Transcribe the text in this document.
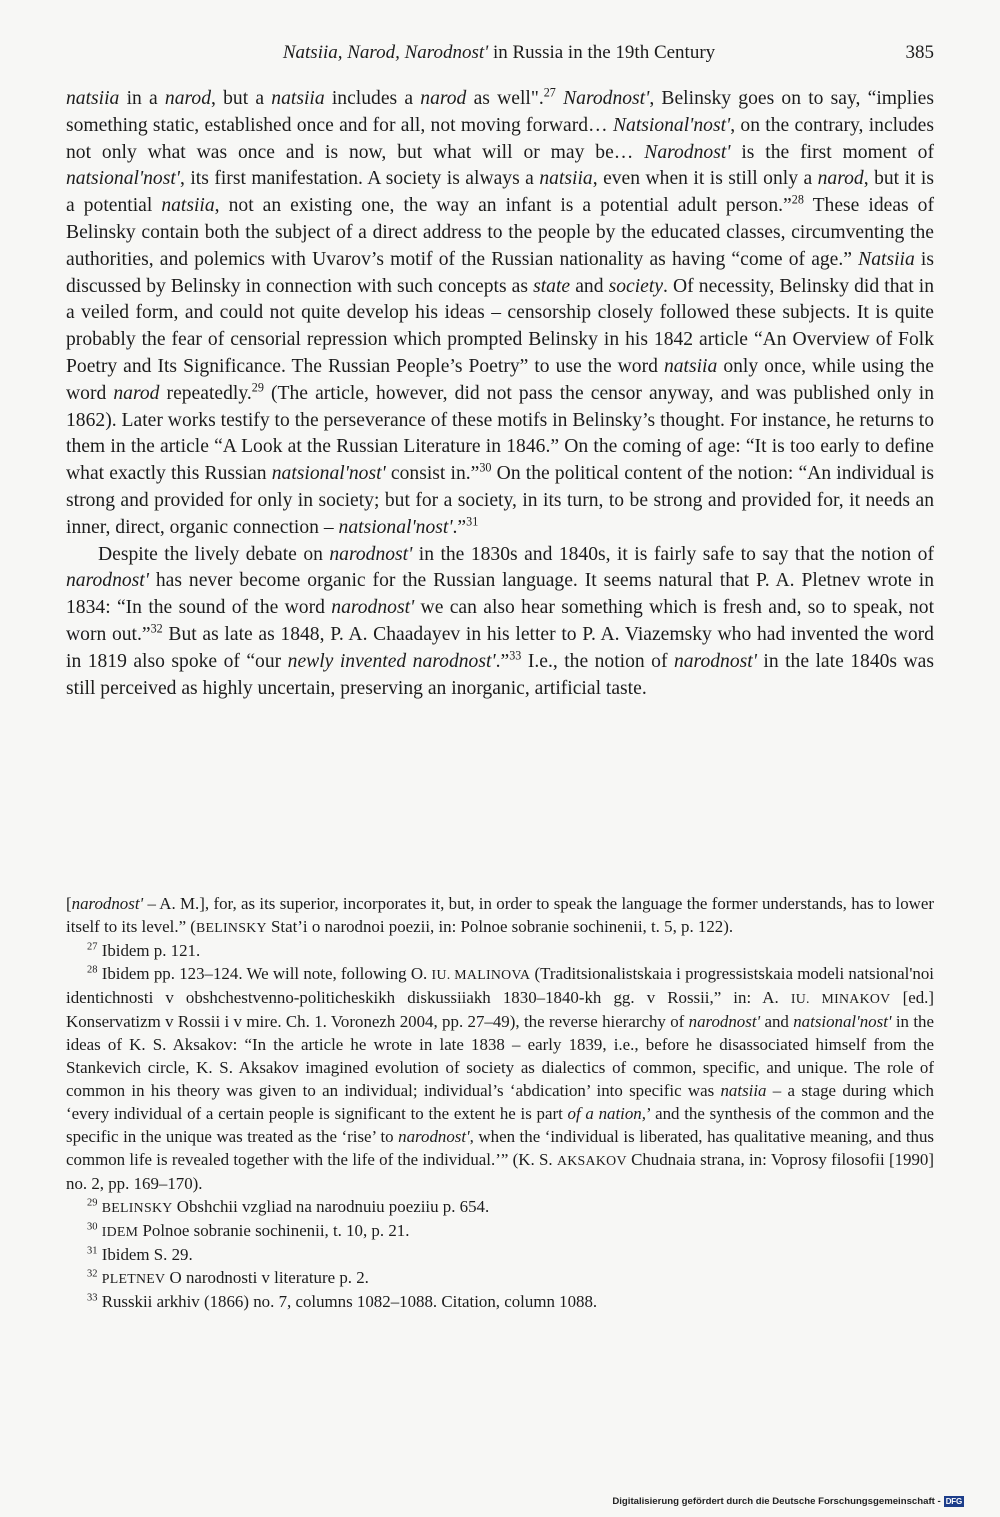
Natsiia, Narod, Narodnost' in Russia in the 19th Century	385

natsiia in a narod, but a natsiia includes a narod as well".$^{27}$ Narodnost', Belinsky goes on to say, “implies something static, established once and for all, not moving forward… Natsional'nost', on the contrary, includes not only what was once and is now, but what will or may be… Narodnost' is the first moment of natsional'nost', its first manifestation. A society is always a natsiia, even when it is still only a narod, but it is a potential natsiia, not an existing one, the way an infant is a potential adult person.”$^{28}$ These ideas of Belinsky contain both the subject of a direct address to the people by the educated classes, circumventing the authorities, and polemics with Uvarov’s motif of the Russian nationality as having “come of age.” Natsiia is discussed by Belinsky in connection with such concepts as state and society. Of necessity, Belinsky did that in a veiled form, and could not quite develop his ideas – censorship closely followed these subjects. It is quite probably the fear of censorial repression which prompted Belinsky in his 1842 article “An Overview of Folk Poetry and Its Significance. The Russian People’s Poetry” to use the word natsiia only once, while using the word narod repeatedly.$^{29}$ (The article, however, did not pass the censor anyway, and was published only in 1862). Later works testify to the perseverance of these motifs in Belinsky’s thought. For instance, he returns to them in the article “A Look at the Russian Literature in 1846.” On the coming of age: “It is too early to define what exactly this Russian natsional'nost' consist in.”$^{30}$ On the political content of the notion: “An individual is strong and provided for only in society; but for a society, in its turn, to be strong and provided for, it needs an inner, direct, organic connection – natsional'nost'.”$^{31}$

Despite the lively debate on narodnost' in the 1830s and 1840s, it is fairly safe to say that the notion of narodnost' has never become organic for the Russian language. It seems natural that P. A. Pletnev wrote in 1834: “In the sound of the word narodnost' we can also hear something which is fresh and, so to speak, not worn out.”$^{32}$ But as late as 1848, P. A. Chaadayev in his letter to P. A. Viazemsky who had invented the word in 1819 also spoke of “our newly invented narodnost'.”$^{33}$ I.e., the notion of narodnost' in the late 1840s was still perceived as highly uncertain, preserving an inorganic, artificial taste.

[narodnost' – A. M.], for, as its superior, incorporates it, but, in order to speak the language the former understands, has to lower itself to its level.” (BELINSKY Stat’i o narodnoi poezii, in: Polnoe sobranie sochinenii, t. 5, p. 122).

$^{27}$ Ibidem p. 121.

$^{28}$ Ibidem pp. 123–124. We will note, following O. IU. MALINOVA (Traditsionalistskaia i progressistskaia modeli natsional'noi identichnosti v obshchestvenno-politicheskikh diskussiiakh 1830–1840-kh gg. v Rossii,” in: A. IU. MINAKOV [ed.] Konservatizm v Rossii i v mire. Ch. 1. Voronezh 2004, pp. 27–49), the reverse hierarchy of narodnost' and natsional'nost' in the ideas of K. S. Aksakov: “In the article he wrote in late 1838 – early 1839, i.e., before he disassociated himself from the Stankevich circle, K. S. Aksakov imagined evolution of society as dialectics of common, specific, and unique. The role of common in his theory was given to an individual; individual’s ‘abdication’ into specific was natsiia – a stage during which ‘every individual of a certain people is significant to the extent he is part of a nation,’ and the synthesis of the common and the specific in the unique was treated as the ‘rise’ to narodnost', when the ‘individual is liberated, has qualitative meaning, and thus common life is revealed together with the life of the individual.’” (K. S. AKSAKOV Chudnaia strana, in: Voprosy filosofii [1990] no. 2, pp. 169–170).

$^{29}$ BELINSKY Obshchii vzgliad na narodnuiu poeziiu p. 654.

$^{30}$ IDEM Polnoe sobranie sochinenii, t. 10, p. 21.

$^{31}$ Ibidem S. 29.

$^{32}$ PLETNEV O narodnosti v literature p. 2.

$^{33}$ Russkii arkhiv (1866) no. 7, columns 1082–1088. Citation, column 1088.

Digitalisierung gefördert durch die Deutsche Forschungsgemeinschaft - DFG
